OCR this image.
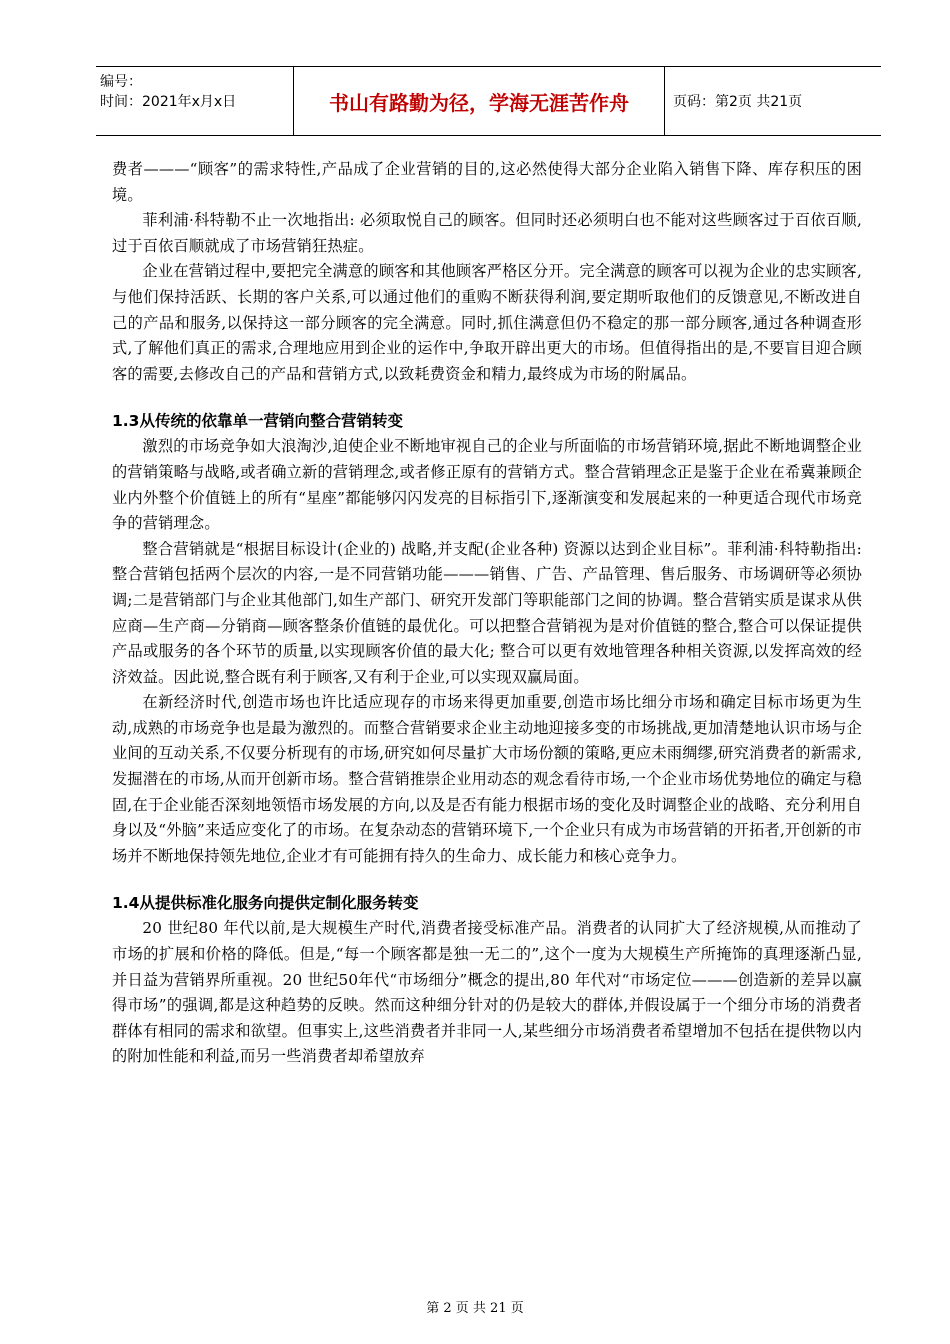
编号：
时间：2021年x月x日	书山有路勤为径，学海无涯苦作舟	页码：第2页 共21页

费者———“顾客”的需求特性,产品成了企业营销的目的,这必然使得大部分企业陷入销售下降、库存积压的困境。

菲利浦·科特勒不止一次地指出: 必须取悦自己的顾客。但同时还必须明白也不能对这些顾客过于百依百顺,过于百依百顺就成了市场营销狂热症。

企业在营销过程中,要把完全满意的顾客和其他顾客严格区分开。完全满意的顾客可以视为企业的忠实顾客,与他们保持活跃、长期的客户关系,可以通过他们的重购不断获得利润,要定期听取他们的反馈意见,不断改进自己的产品和服务,以保持这一部分顾客的完全满意。同时,抓住满意但仍不稳定的那一部分顾客,通过各种调查形式,了解他们真正的需求,合理地应用到企业的运作中,争取开辟出更大的市场。但值得指出的是,不要盲目迎合顾客的需要,去修改自己的产品和营销方式,以致耗费资金和精力,最终成为市场的附属品。

1.3从传统的依靠单一营销向整合营销转变

激烈的市场竞争如大浪淘沙,迫使企业不断地审视自己的企业与所面临的市场营销环境,据此不断地调整企业的营销策略与战略,或者确立新的营销理念,或者修正原有的营销方式。整合营销理念正是鉴于企业在希冀兼顾企业内外整个价值链上的所有“星座”都能够闪闪发亮的目标指引下,逐渐演变和发展起来的一种更适合现代市场竞争的营销理念。

整合营销就是“根据目标设计(企业的) 战略,并支配(企业各种) 资源以达到企业目标”。菲利浦·科特勒指出:整合营销包括两个层次的内容,一是不同营销功能———销售、广告、产品管理、售后服务、市场调研等必须协调;二是营销部门与企业其他部门,如生产部门、研究开发部门等职能部门之间的协调。整合营销实质是谋求从供应商—生产商—分销商—顾客整条价值链的最优化。可以把整合营销视为是对价值链的整合,整合可以保证提供产品或服务的各个环节的质量,以实现顾客价值的最大化; 整合可以更有效地管理各种相关资源,以发挥高效的经济效益。因此说,整合既有利于顾客,又有利于企业,可以实现双赢局面。

在新经济时代,创造市场也许比适应现存的市场来得更加重要,创造市场比细分市场和确定目标市场更为生动,成熟的市场竞争也是最为激烈的。而整合营销要求企业主动地迎接多变的市场挑战,更加清楚地认识市场与企业间的互动关系,不仅要分析现有的市场,研究如何尽量扩大市场份额的策略,更应未雨绸缪,研究消费者的新需求,发掘潜在的市场,从而开创新市场。整合营销推崇企业用动态的观念看待市场,一个企业市场优势地位的确定与稳固,在于企业能否深刻地领悟市场发展的方向,以及是否有能力根据市场的变化及时调整企业的战略、充分利用自身以及“外脑”来适应变化了的市场。在复杂动态的营销环境下,一个企业只有成为市场营销的开拓者,开创新的市场并不断地保持领先地位,企业才有可能拥有持久的生命力、成长能力和核心竞争力。

1.4从提供标准化服务向提供定制化服务转变

20 世纪80 年代以前,是大规模生产时代,消费者接受标准产品。消费者的认同扩大了经济规模,从而推动了市场的扩展和价格的降低。但是,“每一个顾客都是独一无二的”,这个一度为大规模生产所掩饰的真理逐渐凸显,并日益为营销界所重视。20 世纪50年代“市场细分”概念的提出,80 年代对“市场定位———创造新的差异以赢得市场”的强调,都是这种趋势的反映。然而这种细分针对的仍是较大的群体,并假设属于一个细分市场的消费者群体有相同的需求和欲望。但事实上,这些消费者并非同一人,某些细分市场消费者希望增加不包括在提供物以内的附加性能和利益,而另一些消费者却希望放弃

第 2 页 共 21 页
